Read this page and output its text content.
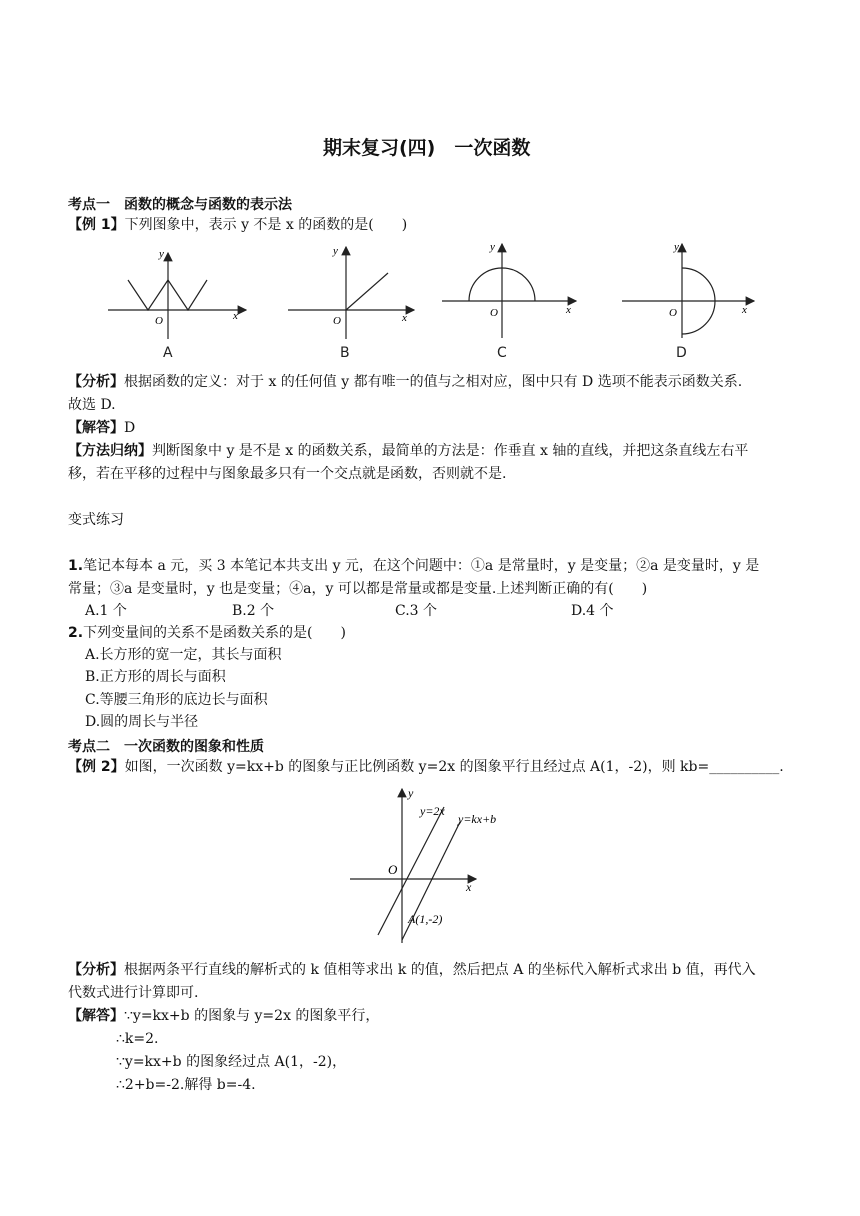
期末复习(四)　一次函数
考点一　函数的概念与函数的表示法
【例 1】下列图象中，表示 y 不是 x 的函数的是(　　)
y
x
O
A
y
x
O
B
y
x
O
C
y
x
O
D
【分析】根据函数的定义：对于 x 的任何值 y 都有唯一的值与之相对应，图中只有 D 选项不能表示函数关系.
故选 D.
【解答】D
【方法归纳】判断图象中 y 是不是 x 的函数关系，最简单的方法是：作垂直 x 轴的直线，并把这条直线左右平
移，若在平移的过程中与图象最多只有一个交点就是函数，否则就不是.
变式练习
1.笔记本每本 a 元，买 3 本笔记本共支出 y 元，在这个问题中：①a 是常量时，y 是变量；②a 是变量时，y 是
常量；③a 是变量时，y 也是变量；④a，y 可以都是常量或都是变量.上述判断正确的有(　　)
A.1 个	B.2 个	C.3 个	D.4 个
2.下列变量间的关系不是函数关系的是(　　)
A.长方形的宽一定，其长与面积
B.正方形的周长与面积
C.等腰三角形的底边长与面积
D.圆的周长与半径
考点二　一次函数的图象和性质
【例 2】如图，一次函数 y=kx+b 的图象与正比例函数 y=2x 的图象平行且经过点 A(1，-2)，则 kb=__________.
y
y=2x
y=kx+b
O
x
A(1,-2)
【分析】根据两条平行直线的解析式的 k 值相等求出 k 的值，然后把点 A 的坐标代入解析式求出 b 值，再代入
代数式进行计算即可.
【解答】∵y=kx+b 的图象与 y=2x 的图象平行，
∴k=2.
∵y=kx+b 的图象经过点 A(1，-2)，
∴2+b=-2.解得 b=-4.
